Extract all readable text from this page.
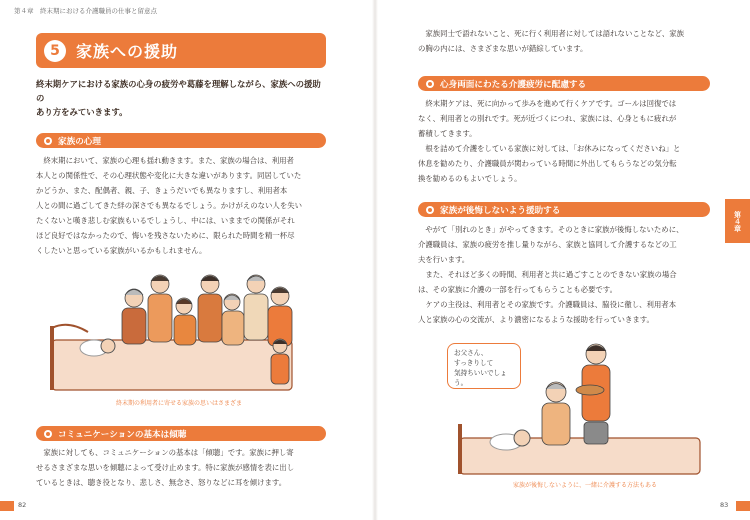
第４章　終末期における介護職員の仕事と留意点
5	家族への援助
終末期ケアにおける家族の心身の疲労や葛藤を理解しながら、家族への援助の
あり方をみていきます。
家族の心理

終末期において、家族の心理も揺れ動きます。また、家族の場合は、利用者

本人との関係性で、その心理状態や変化に大きな違いがあります。同居していた

かどうか、また、配偶者、親、子、きょうだいでも異なりますし、利用者本

人との間に過ごしてきた絆の深さでも異なるでしょう。かけがえのない人を失い

たくないと嘆き悲しむ家族もいるでしょうし、中には、いままでの関係がそれ

ほど良好ではなかったので、悔いを残さないために、限られた時間を精一杯尽

くしたいと思っている家族がいるかもしれません。

終末期の利用者に寄せる家族の思いはさまざま
コミュニケーションの基本は傾聴

家族に対しても、コミュニケーションの基本は「傾聴」です。家族に押し寄

せるさまざまな思いを傾聴によって受け止めます。特に家族が感情を表に出し

ているときは、聴き役となり、悲しさ、無念さ、怒りなどに耳を傾けます。

82

家族同士で語れないこと、死に行く利用者に対しては語れないことなど、家族

の胸の内には、さまざまな思いが錯綜しています。

心身両面にわたる介護疲労に配慮する

終末期ケアは、死に向かって歩みを進めて行くケアです。ゴールは回復では

なく、利用者との別れです。死が近づくにつれ、家族には、心身ともに疲れが

蓄積してきます。

根を詰めて介護をしている家族に対しては、「お休みになってくださいね」と

休息を勧めたり、介護職員が関わっている時間に外出してもらうなどの気分転

換を勧めるのもよいでしょう。

家族が後悔しないよう援助する

やがて「別れのとき」がやってきます。そのときに家族が後悔しないために、

介護職員は、家族の疲労を推し量りながら、家族と協同して介護するなどの工

夫を行います。

また、それほど多くの時間、利用者と共に過ごすことのできない家族の場合

は、その家族に介護の一部を行ってもらうことも必要です。

ケアの主役は、利用者とその家族です。介護職員は、脇役に徹し、利用者本

人と家族の心の交流が、より濃密になるような援助を行っていきます。

お父さん、
すっきりして
気持ちいいでしょう。
家族が後悔しないように、一緒に介護する方法もある
83
第４章
